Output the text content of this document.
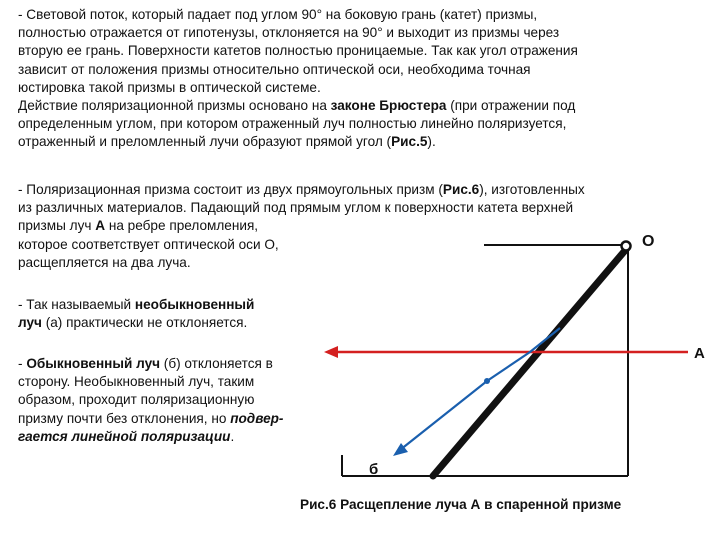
- Световой поток, который падает под углом 90° на боковую грань (катет) призмы,
полностью отражается от гипотенузы, отклоняется на 90° и выходит из призмы через
вторую ее грань. Поверхности катетов полностью проницаемые. Так как угол отражения
зависит от положения призмы относительно оптической оси, необходима точная
юстировка такой призмы в оптической системе.
Действие поляризационной призмы основано на законе Брюстера (при отражении под
определенным углом, при котором отраженный луч полностью линейно поляризуется,
отраженный и преломленный лучи образуют прямой угол (Рис.5).
- Поляризационная призма состоит из двух прямоугольных призм (Рис.6), изготовленных
из различных материалов. Падающий под прямым углом к поверхности катета верхней
призмы луч А на ребре преломления,
которое соответствует оптической оси О,
расщепляется на два луча.
- Так называемый необыкновенный
луч (а) практически не отклоняется.
- Обыкновенный луч (б) отклоняется в
сторону. Необыкновенный луч, таким
образом, проходит поляризационную
призму почти без отклонения, но подвер-
гается линейной поляризации.
О
А
б
Рис.6 Расщепление луча А в спаренной призме
